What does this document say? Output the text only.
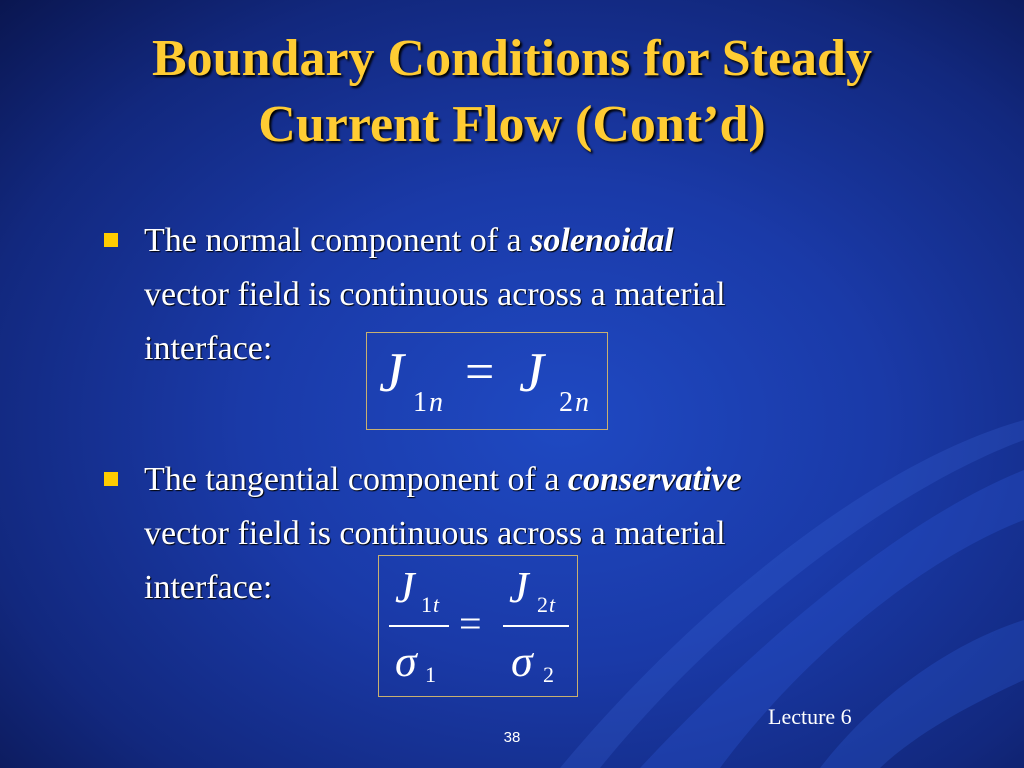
Boundary Conditions for Steady
Current Flow (Cont’d)
The normal component of a solenoidal
vector field is continuous across a material
interface:
The tangential component of a conservative
vector field is continuous across a material
interface:
J 1 n
= J 2 n
J 1 t
σ 1
=
J 2 t
σ 2
Lecture 6
38
